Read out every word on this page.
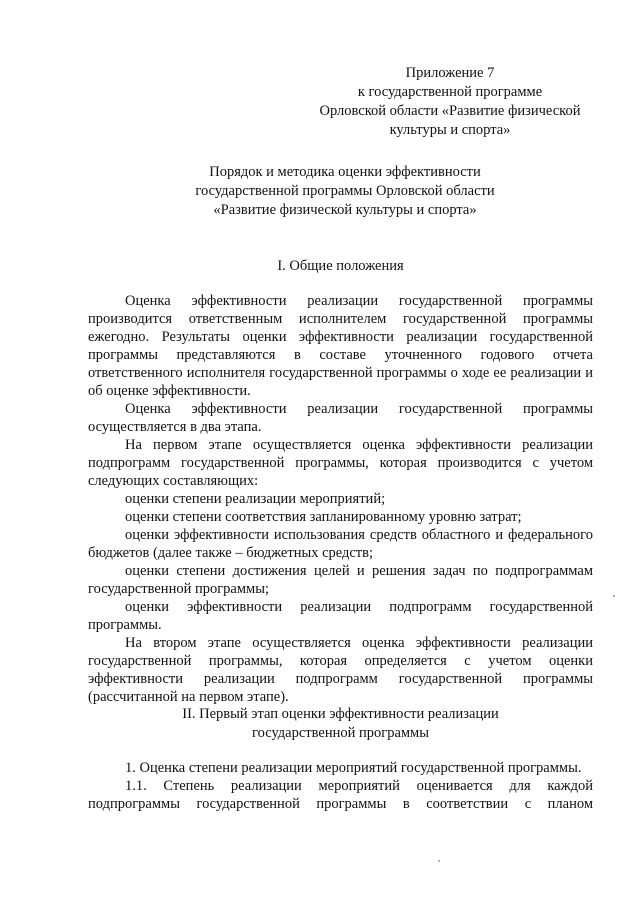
Приложение 7
к государственной программе
Орловской области «Развитие физической
культуры и спорта»
Порядок и методика оценки эффективности
государственной программы Орловской области
«Развитие физической культуры и спорта»
I. Общие положения

Оценка эффективности реализации государственной программы производится ответственным исполнителем государственной программы ежегодно. Результаты оценки эффективности реализации государственной программы представляются в составе уточненного годового отчета ответственного исполнителя государственной программы о ходе ее реализации и об оценке эффективности.

Оценка эффективности реализации государственной программы осуществляется в два этапа.

На первом этапе осуществляется оценка эффективности реализации подпрограмм государственной программы, которая производится с учетом следующих составляющих:

оценки степени реализации мероприятий;

оценки степени соответствия запланированному уровню затрат;

оценки эффективности использования средств областного и федерального бюджетов (далее также – бюджетных средств;

оценки степени достижения целей и решения задач по подпрограммам государственной программы;

оценки эффективности реализации подпрограмм государственной программы.

На втором этапе осуществляется оценка эффективности реализации государственной программы, которая определяется с учетом оценки эффективности реализации подпрограмм государственной программы (рассчитанной на первом этапе).

II. Первый этап оценки эффективности реализации
государственной программы

1. Оценка степени реализации мероприятий государственной программы.

1.1. Степень реализации мероприятий оценивается для каждой подпрограммы государственной программы в соответствии с планом
